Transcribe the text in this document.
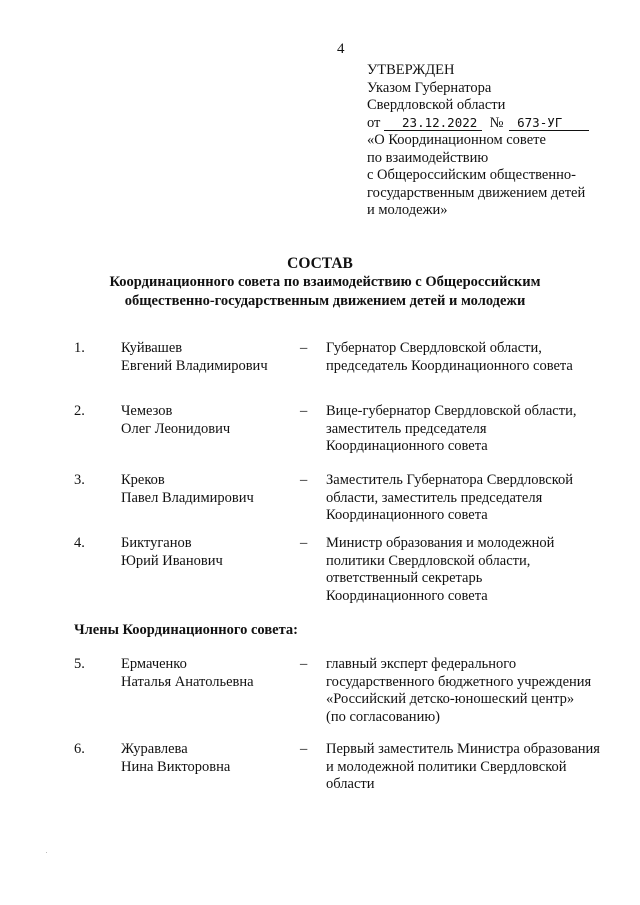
4
УТВЕРЖДЕН
Указом Губернатора
Свердловской области
от 23.12.2022 № 673-УГ
«О Координационном совете
по взаимодействию
с Общероссийским общественно-
государственным движением детей
и молодежи»
СОСТАВ
Координационного совета по взаимодействию с Общероссийским
общественно-государственным движением детей и молодежи
1. Куйвашев
Евгений Владимирович
– Губернатор Свердловской области,
председатель Координационного совета
2. Чемезов
Олег Леонидович
– Вице-губернатор Свердловской области,
заместитель председателя
Координационного совета
3. Креков
Павел Владимирович
– Заместитель Губернатора Свердловской
области, заместитель председателя
Координационного совета
4. Биктуганов
Юрий Иванович
– Министр образования и молодежной
политики Свердловской области,
ответственный секретарь
Координационного совета
Члены Координационного совета:
5. Ермаченко
Наталья Анатольевна
– главный эксперт федерального
государственного бюджетного учреждения
«Российский детско-юношеский центр»
(по согласованию)
6. Журавлева
Нина Викторовна
– Первый заместитель Министра образования
и молодежной политики Свердловской
области
